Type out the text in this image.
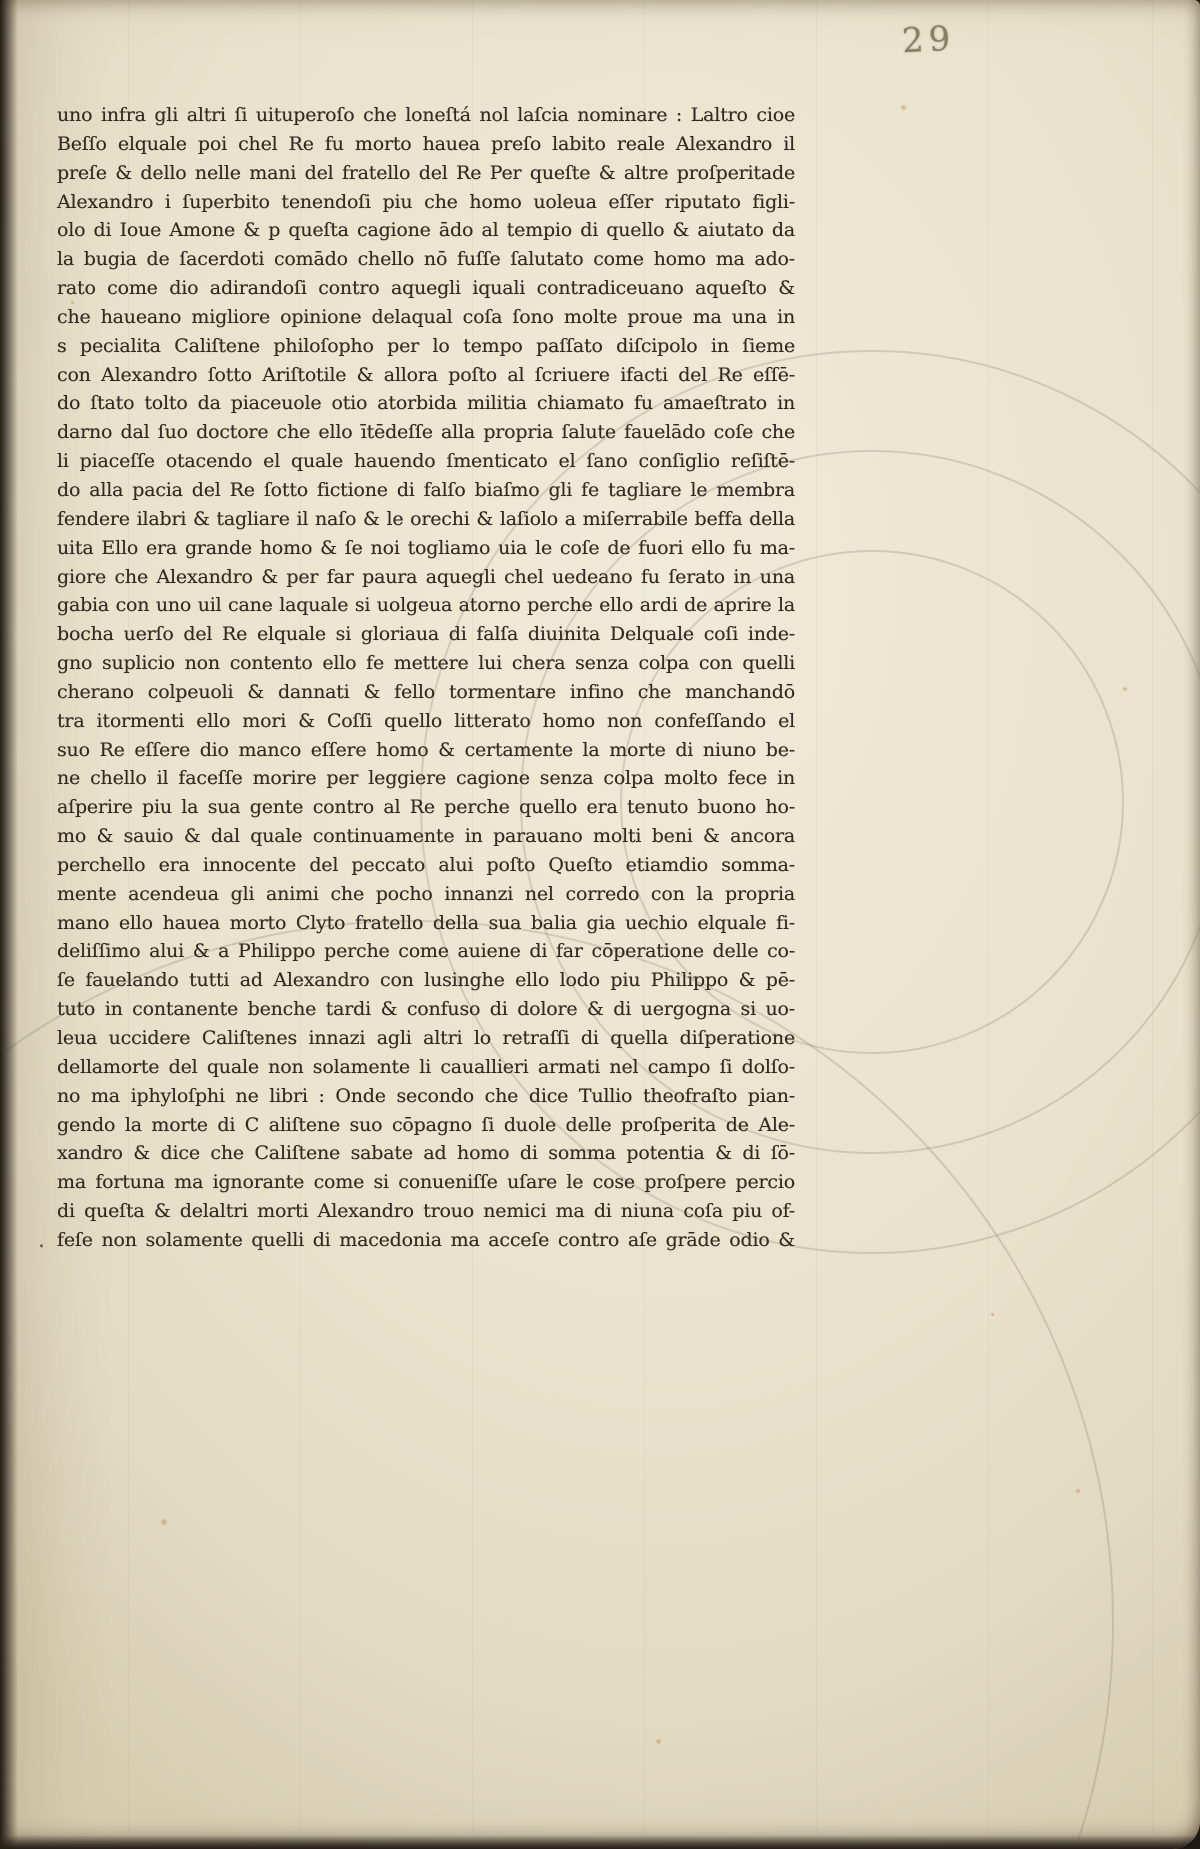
29
uno infra gli altri ſi uituperoſo che loneſtá nol laſcia nominare : Laltro cioe
Beſſo elquale poi chel Re fu morto hauea preſo labito reale Alexandro il
preſe & dello nelle mani del fratello del Re Per queſte & altre proſperitade
Alexandro i ſuperbito tenendoſi piu che homo uoleua eſſer riputato figli-
olo di Ioue Amone & p queſta cagione ādo al tempio di quello & aiutato da
la bugia de ſacerdoti comādo chello nō fuſſe ſalutato come homo ma ado-
rato come dio adirandoſi contro aquegli iquali contradiceuano aqueſto &
che haueano migliore opinione delaqual coſa ſono molte proue ma una in
s pecialita Caliſtene philoſopho per lo tempo paſſato diſcipolo in ſieme
con Alexandro ſotto Ariſtotile & allora poſto al ſcriuere ifacti del Re eſſē-
do ſtato tolto da piaceuole otio atorbida militia chiamato fu amaeſtrato in
darno dal ſuo doctore che ello ītēdeſſe alla propria ſalute fauelādo coſe che
li piaceſſe otacendo el quale hauendo ſmenticato el ſano conſiglio reſiſtē-
do alla pacia del Re ſotto fictione di falſo biaſmo gli fe tagliare le membra
fendere ilabri & tagliare il naſo & le orechi & laſiolo a miſerrabile beffa della
uita Ello era grande homo & ſe noi togliamo uia le coſe de fuori ello fu ma-
giore che Alexandro & per far paura aquegli chel uedeano fu ſerato in una
gabia con uno uil cane laquale si uolgeua atorno perche ello ardi de aprire la
bocha uerſo del Re elquale si gloriaua di falſa diuinita Delquale coſi inde-
gno suplicio non contento ello fe mettere lui chera senza colpa con quelli
cherano colpeuoli & dannati & fello tormentare infino che manchandō
tra itormenti ello mori & Coſſi quello litterato homo non confeſſando el
suo Re eſſere dio manco eſſere homo & certamente la morte di niuno be-
ne chello il faceſſe morire per leggiere cagione senza colpa molto fece in
aſperire piu la sua gente contro al Re perche quello era tenuto buono ho-
mo & sauio & dal quale continuamente in parauano molti beni & ancora
perchello era innocente del peccato alui poſto Queſto etiamdio somma-
mente acendeua gli animi che pocho innanzi nel corredo con la propria
mano ello hauea morto Clyto fratello della sua balia gia uechio elquale fi-
deliſſimo alui & a Philippo perche come auiene di far cōperatione delle co-
ſe fauelando tutti ad Alexandro con lusinghe ello lodo piu Philippo & pē-
tuto in contanente benche tardi & confuso di dolore & di uergogna si uo-
leua uccidere Caliſtenes innazi agli altri lo retraſſi di quella diſperatione
dellamorte del quale non solamente li cauallieri armati nel campo ſi dolſo-
no ma iphyloſphi ne libri : Onde secondo che dice Tullio theofraſto pian-
gendo la morte di C aliſtene suo cōpagno ſi duole delle proſperita de Ale-
xandro & dice che Caliſtene sabate ad homo di somma potentia & di ſō-
ma fortuna ma ignorante come si conueniſſe uſare le cose proſpere percio
di queſta & delaltri morti Alexandro trouo nemici ma di niuna coſa piu of-
feſe non solamente quelli di macedonia ma acceſe contro aſe grāde odio &
.
